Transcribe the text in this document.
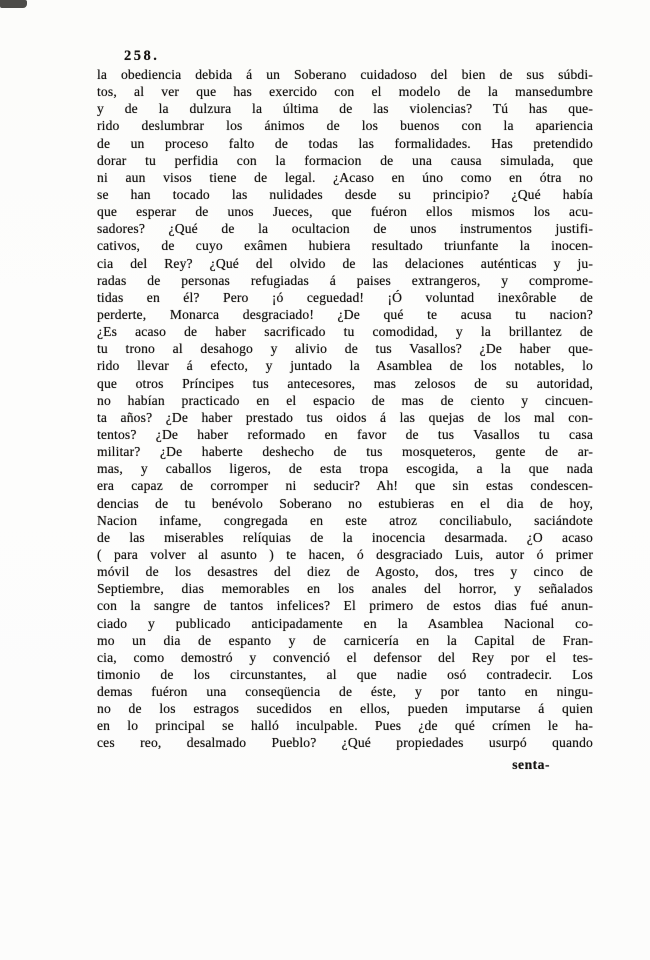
258.
la obediencia debida á un Soberano cuidadoso del bien de sus súbdi-
tos, al ver que has exercido con el modelo de la mansedumbre
y de la dulzura la última de las violencias? Tú has que-
rido deslumbrar los ánimos de los buenos con la apariencia
de un proceso falto de todas las formalidades. Has pretendido
dorar tu perfidia con la formacion de una causa simulada, que
ni aun visos tiene de legal. ¿Acaso en úno como en ótra no
se han tocado las nulidades desde su principio? ¿Qué había
que esperar de unos Jueces, que fuéron ellos mismos los acu-
sadores? ¿Qué de la ocultacion de unos instrumentos justifi-
cativos, de cuyo exâmen hubiera resultado triunfante la inocen-
cia del Rey? ¿Qué del olvido de las delaciones auténticas y ju-
radas de personas refugiadas á paises extrangeros, y comprome-
tidas en él? Pero ¡ó ceguedad! ¡Ó voluntad inexôrable de
perderte, Monarca desgraciado! ¿De qué te acusa tu nacion?
¿Es acaso de haber sacrificado tu comodidad, y la brillantez de
tu trono al desahogo y alivio de tus Vasallos? ¿De haber que-
rido llevar á efecto, y juntado la Asamblea de los notables, lo
que otros Príncipes tus antecesores, mas zelosos de su autoridad,
no habían practicado en el espacio de mas de ciento y cincuen-
ta años? ¿De haber prestado tus oidos á las quejas de los mal con-
tentos? ¿De haber reformado en favor de tus Vasallos tu casa
militar? ¿De haberte deshecho de tus mosqueteros, gente de ar-
mas, y caballos ligeros, de esta tropa escogida, a la que nada
era capaz de corromper ni seducir? Ah! que sin estas condescen-
dencias de tu benévolo Soberano no estubieras en el dia de hoy,
Nacion infame, congregada en este atroz conciliabulo, saciándote
de las miserables relíquias de la inocencia desarmada. ¿O acaso
( para volver al asunto ) te hacen, ó desgraciado Luis, autor ó primer
móvil de los desastres del diez de Agosto, dos, tres y cinco de
Septiembre, dias memorables en los anales del horror, y señalados
con la sangre de tantos infelices? El primero de estos dias fué anun-
ciado y publicado anticipadamente en la Asamblea Nacional co-
mo un dia de espanto y de carnicería en la Capital de Fran-
cia, como demostró y convenció el defensor del Rey por el tes-
timonio de los circunstantes, al que nadie osó contradecir. Los
demas fuéron una conseqüencia de éste, y por tanto en ningu-
no de los estragos sucedidos en ellos, pueden imputarse á quien
en lo principal se halló inculpable. Pues ¿de qué crímen le ha-
ces reo, desalmado Pueblo? ¿Qué propiedades usurpó quando
senta-
